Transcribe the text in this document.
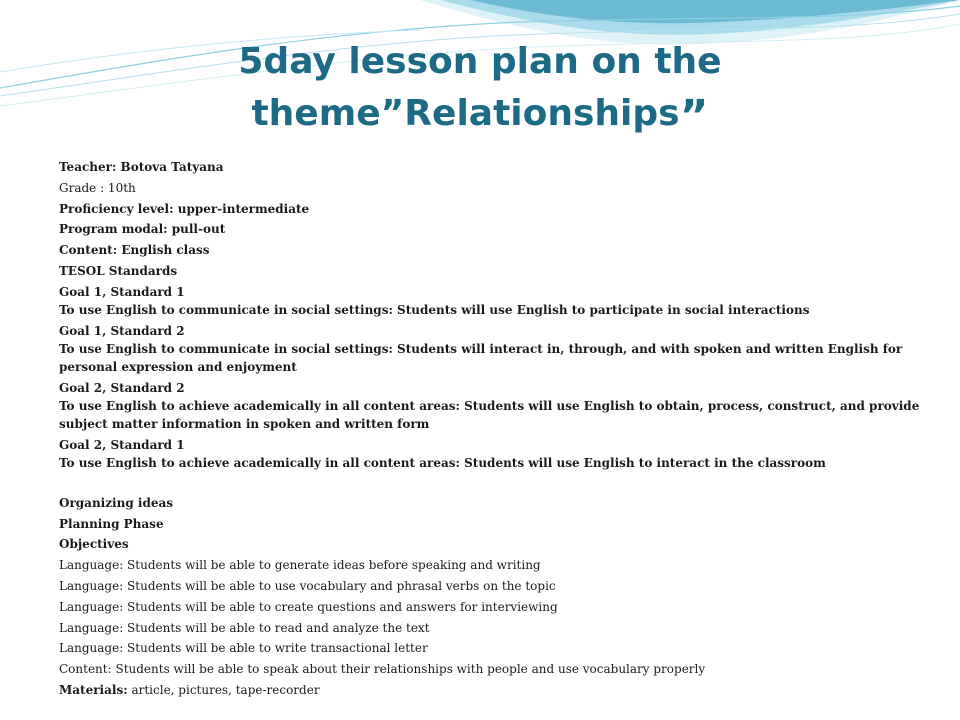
5day lesson plan on the
theme”Relationships”
Teacher: Botova Tatyana
Grade : 10th
Proficiency level: upper-intermediate
Program modal: pull-out
Content: English class
TESOL Standards
Goal 1, Standard 1
To use English to communicate in social settings: Students will use English to participate in social interactions
Goal 1, Standard 2
To use English to communicate in social settings: Students will interact in, through, and with spoken and written English for personal expression and enjoyment
Goal 2, Standard 2
To use English to achieve academically in all content areas: Students will use English to obtain, process, construct, and provide subject matter information in spoken and written form
Goal 2, Standard 1
To use English to achieve academically in all content areas: Students will use English to interact in the classroom
Organizing ideas
Planning Phase
Objectives
Language: Students will be able to generate ideas before speaking and writing
Language: Students will be able to use vocabulary and phrasal verbs on the topic
Language: Students will be able to create questions and answers for interviewing
Language: Students will be able to read and analyze the text
Language: Students will be able to write transactional letter
Content: Students will be able to speak about their relationships with people and use vocabulary properly
Materials: article, pictures, tape-recorder
